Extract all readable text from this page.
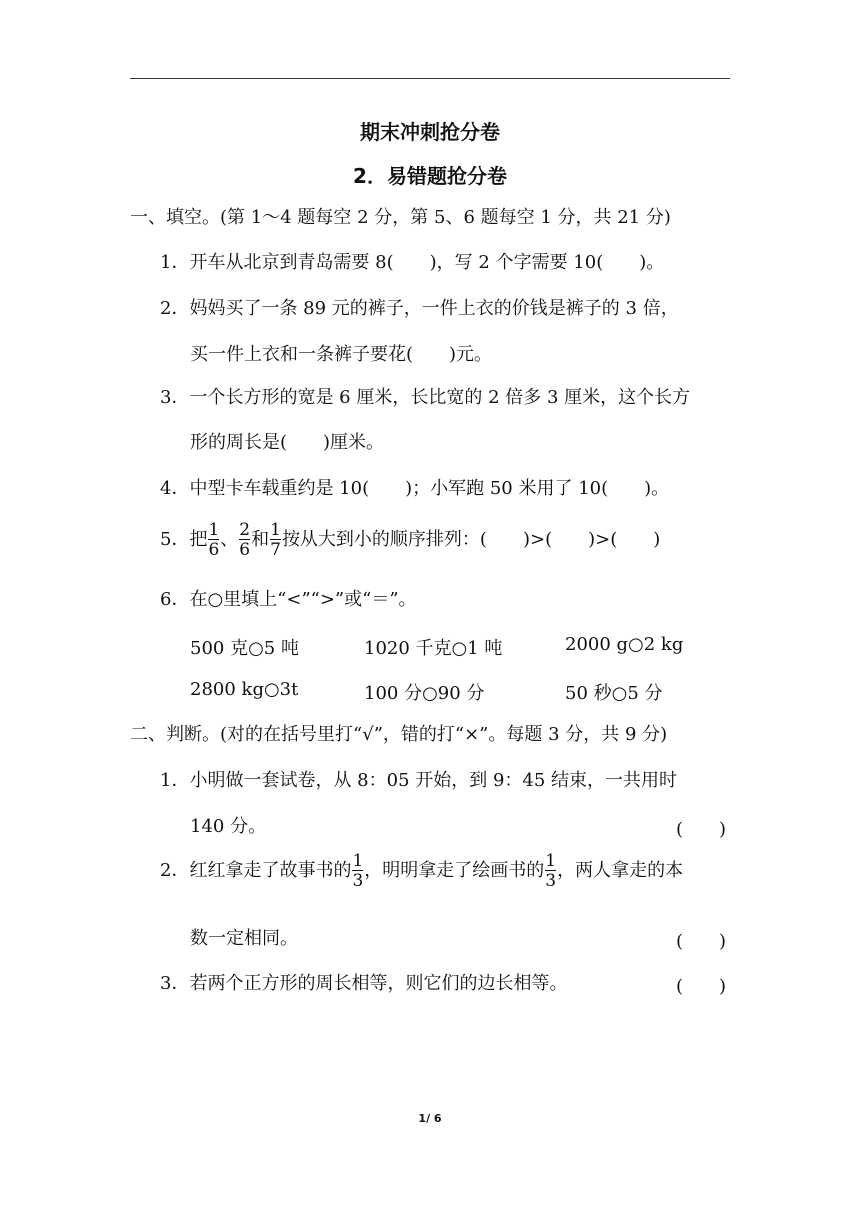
期末冲刺抢分卷
2．易错题抢分卷
一、填空。(第 1～4 题每空 2 分，第 5、6 题每空 1 分，共 21 分)
1．开车从北京到青岛需要 8(　　)，写 2 个字需要 10(　　)。
2．妈妈买了一条 89 元的裤子，一件上衣的价钱是裤子的 3 倍，
买一件上衣和一条裤子要花(　　)元。
3．一个长方形的宽是 6 厘米，长比宽的 2 倍多 3 厘米，这个长方
形的周长是(　　)厘米。
4．中型卡车载重约是 10(　　)；小军跑 50 米用了 10(　　)。
5．把 $\frac{1}{6}$ 、 $\frac{2}{6}$ 和 $\frac{1}{7}$ 按从大到小的顺序排列：(　　)>(　　)>(　　)
6．在○里填上“<”“>”或“＝”。
500 克○5 吨	1020 千克○1 吨	2000 g○2 kg
2800 kg○3t	100 分○90 分	50 秒○5 分
二、判断。(对的在括号里打“√”，错的打“×”。每题 3 分，共 9 分)
1．小明做一套试卷，从 8：05 开始，到 9：45 结束，一共用时
140 分。	(　　)
2．红红拿走了故事书的 $\frac{1}{3}$ ，明明拿走了绘画书的 $\frac{1}{3}$ ，两人拿走的本
数一定相同。	(　　)
3．若两个正方形的周长相等，则它们的边长相等。	(　　)
1/ 6
